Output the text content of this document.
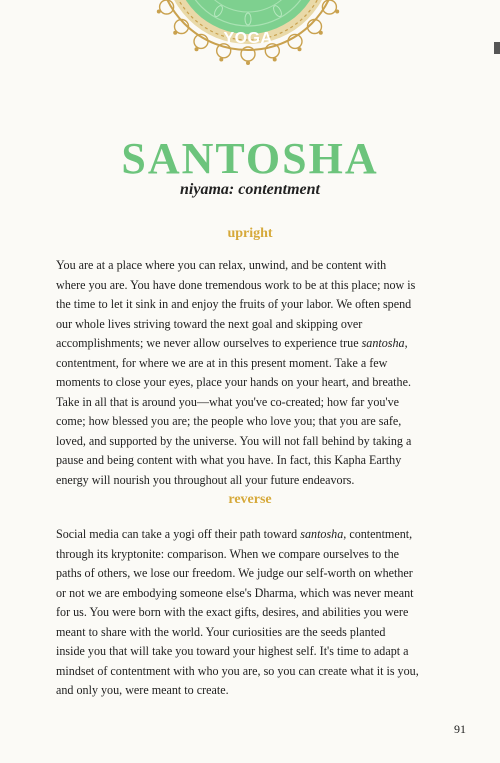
YOGA
SANTOSHA
niyama: contentment
upright

You are at a place where you can relax, unwind, and be content with
where you are. You have done tremendous work to be at this place; now is
the time to let it sink in and enjoy the fruits of your labor. We often spend
our whole lives striving toward the next goal and skipping over
accomplishments; we never allow ourselves to experience true santosha,
contentment, for where we are at in this present moment. Take a few
moments to close your eyes, place your hands on your heart, and breathe.
Take in all that is around you—what you've co-created; how far you've
come; how blessed you are; the people who love you; that you are safe,
loved, and supported by the universe. You will not fall behind by taking a
pause and being content with what you have. In fact, this Kapha Earthy
energy will nourish you throughout all your future endeavors.

reverse

Social media can take a yogi off their path toward santosha, contentment,
through its kryptonite: comparison. When we compare ourselves to the
paths of others, we lose our freedom. We judge our self-worth on whether
or not we are embodying someone else's Dharma, which was never meant
for us. You were born with the exact gifts, desires, and abilities you were
meant to share with the world. Your curiosities are the seeds planted
inside you that will take you toward your highest self. It's time to adapt a
mindset of contentment with who you are, so you can create what it is you,
and only you, were meant to create.

91
